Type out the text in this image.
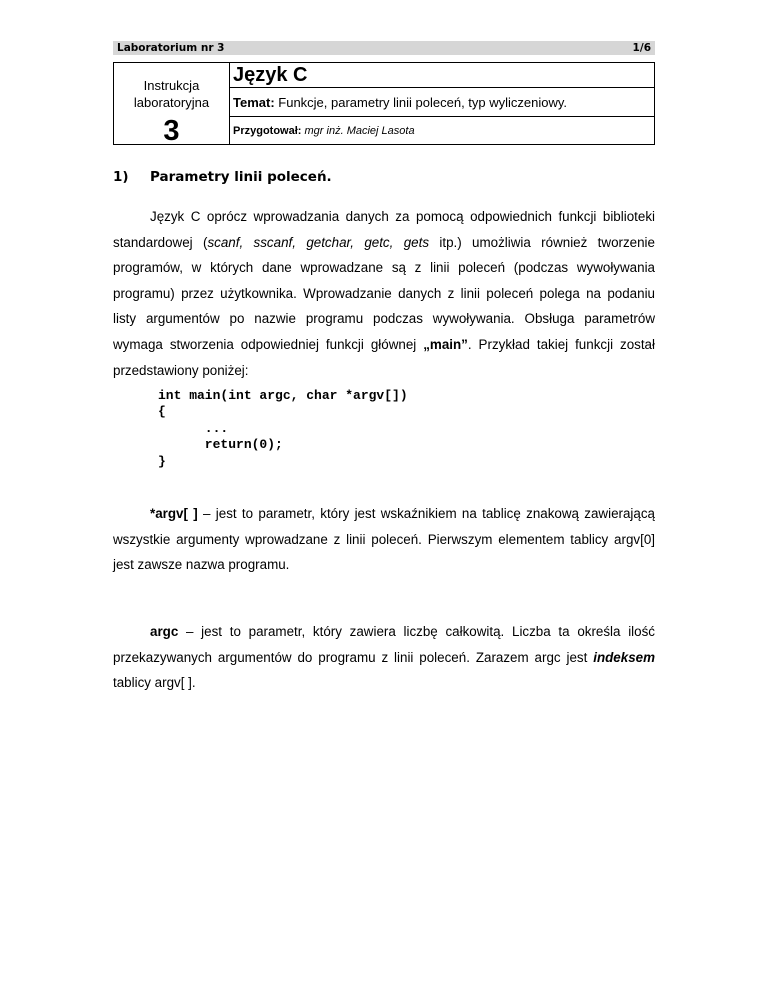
Laboratorium nr 3	1/6
Instrukcja
laboratoryjna
3
Język C
Temat: Funkcje, parametry linii poleceń, typ wyliczeniowy.
Przygotował:
mgr inż. Maciej Lasota
1) Parametry linii poleceń.
Język C oprócz wprowadzania danych za pomocą odpowiednich funkcji biblioteki standardowej (scanf, sscanf, getchar, getc, gets itp.) umożliwia również tworzenie programów, w których dane wprowadzane są z linii poleceń (podczas wywoływania programu) przez użytkownika. Wprowadzanie danych z linii poleceń polega na podaniu listy argumentów po nazwie programu podczas wywoływania. Obsługa parametrów wymaga stworzenia odpowiedniej funkcji głównej „main”. Przykład takiej funkcji został przedstawiony poniżej:
int main(int argc, char *argv[])
{
...
return(0);
}
*argv[ ] – jest to parametr, który jest wskaźnikiem na tablicę znakową zawierającą wszystkie argumenty wprowadzane z linii poleceń. Pierwszym elementem tablicy argv[0] jest zawsze nazwa programu.
argc – jest to parametr, który zawiera liczbę całkowitą. Liczba ta określa ilość przekazywanych argumentów do programu z linii poleceń. Zarazem argc jest indeksem tablicy argv[ ].
